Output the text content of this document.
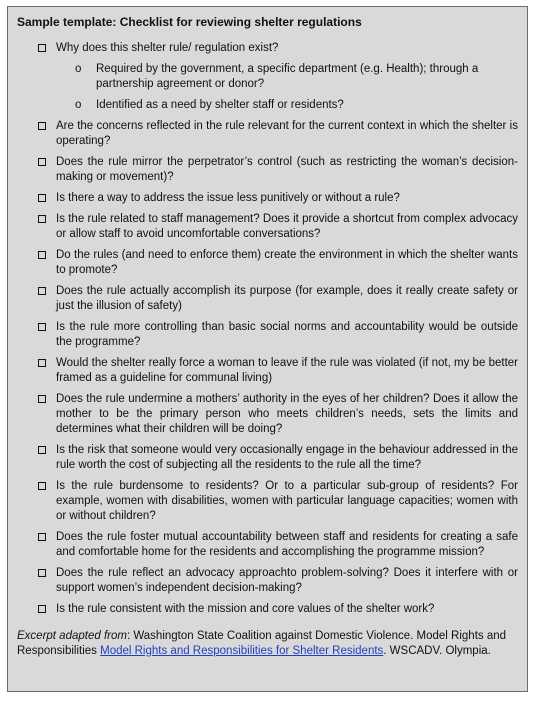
Sample template: Checklist for reviewing shelter regulations
Why does this shelter rule/ regulation exist?
o Required by the government, a specific department (e.g. Health); through a partnership agreement or donor?
o Identified as a need by shelter staff or residents?
Are the concerns reflected in the rule relevant for the current context in which the shelter is operating?
Does the rule mirror the perpetrator’s control (such as restricting the woman’s decision-making or movement)?
Is there a way to address the issue less punitively or without a rule?
Is the rule related to staff management? Does it provide a shortcut from complex advocacy or allow staff to avoid uncomfortable conversations?
Do the rules (and need to enforce them) create the environment in which the shelter wants to promote?
Does the rule actually accomplish its purpose (for example, does it really create safety or just the illusion of safety)
Is the rule more controlling than basic social norms and accountability would be outside the programme?
Would the shelter really force a woman to leave if the rule was violated (if not, my be better framed as a guideline for communal living)
Does the rule undermine a mothers’ authority in the eyes of her children? Does it allow the mother to be the primary person who meets children’s needs, sets the limits and determines what their children will be doing?
Is the risk that someone would very occasionally engage in the behaviour addressed in the rule worth the cost of subjecting all the residents to the rule all the time?
Is the rule burdensome to residents? Or to a particular sub-group of residents? For example, women with disabilities, women with particular language capacities; women with or without children?
Does the rule foster mutual accountability between staff and residents for creating a safe and comfortable home for the residents and accomplishing the programme mission?
Does the rule reflect an advocacy approachto problem-solving? Does it interfere with or support women’s independent decision-making?
Is the rule consistent with the mission and core values of the shelter work?
Excerpt adapted from: Washington State Coalition against Domestic Violence. Model Rights and Responsibilities Model Rights and Responsibilities for Shelter Residents. WSCADV. Olympia.
